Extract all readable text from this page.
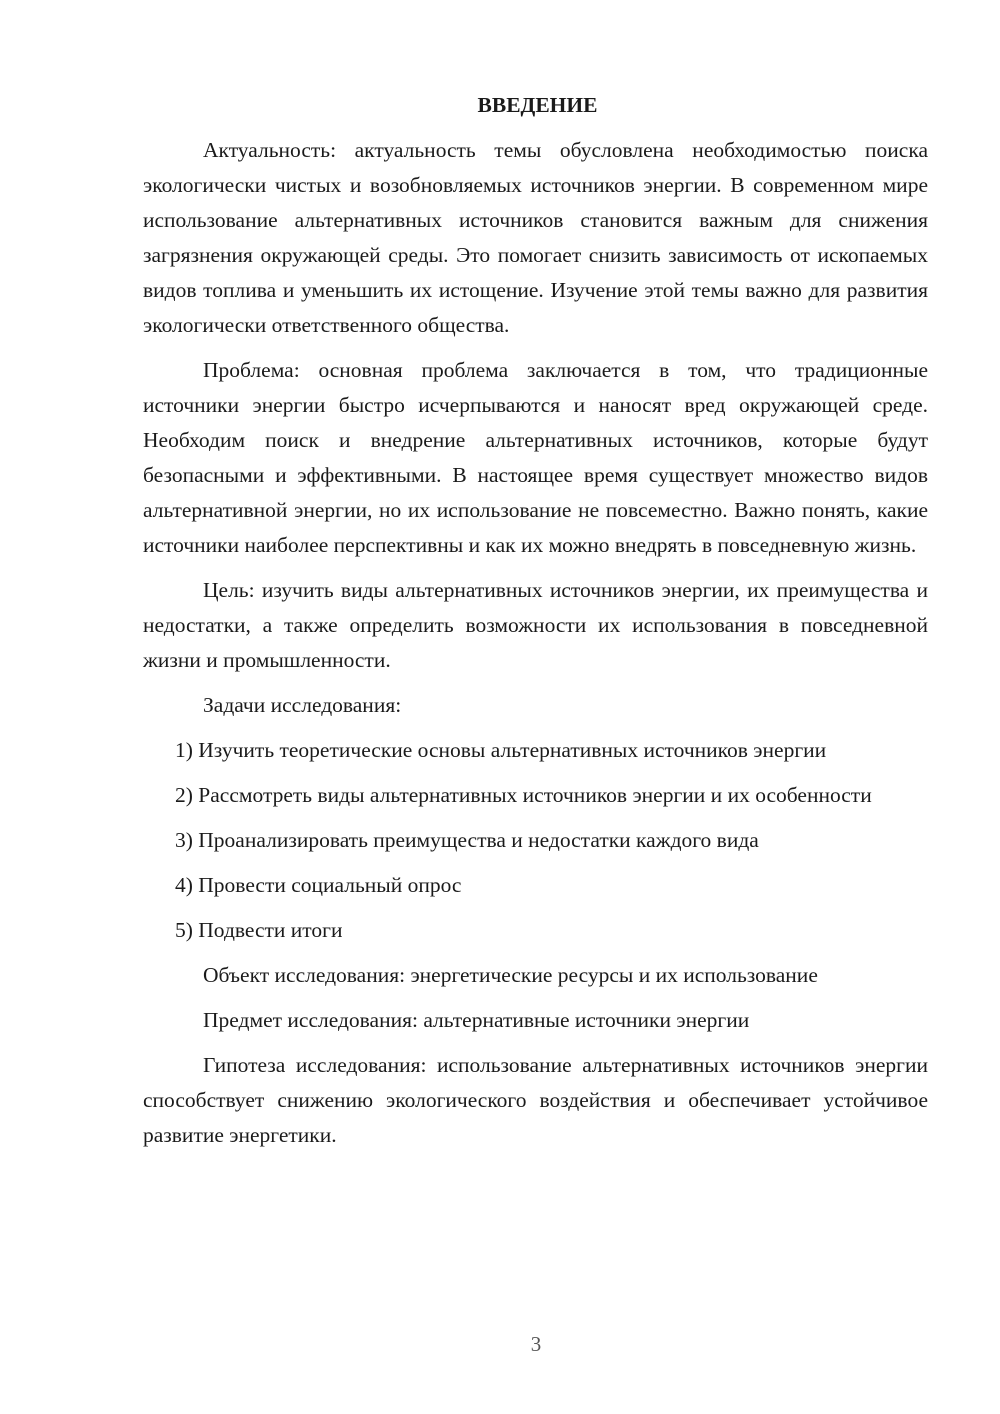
ВВЕДЕНИЕ

Актуальность: актуальность темы обусловлена необходимостью поиска экологически чистых и возобновляемых источников энергии. В современном мире использование альтернативных источников становится важным для снижения загрязнения окружающей среды. Это помогает снизить зависимость от ископаемых видов топлива и уменьшить их истощение. Изучение этой темы важно для развития экологически ответственного общества.

Проблема: основная проблема заключается в том, что традиционные источники энергии быстро исчерпываются и наносят вред окружающей среде. Необходим поиск и внедрение альтернативных источников, которые будут безопасными и эффективными. В настоящее время существует множество видов альтернативной энергии, но их использование не повсеместно. Важно понять, какие источники наиболее перспективны и как их можно внедрять в повседневную жизнь.

Цель: изучить виды альтернативных источников энергии, их преимущества и недостатки, а также определить возможности их использования в повседневной жизни и промышленности.

Задачи исследования:

1) Изучить теоретические основы альтернативных источников энергии

2) Рассмотреть виды альтернативных источников энергии и их особенности

3) Проанализировать преимущества и недостатки каждого вида

4) Провести социальный опрос

5) Подвести итоги

Объект исследования: энергетические ресурсы и их использование

Предмет исследования: альтернативные источники энергии

Гипотеза исследования: использование альтернативных источников энергии способствует снижению экологического воздействия и обеспечивает устойчивое развитие энергетики.

3
